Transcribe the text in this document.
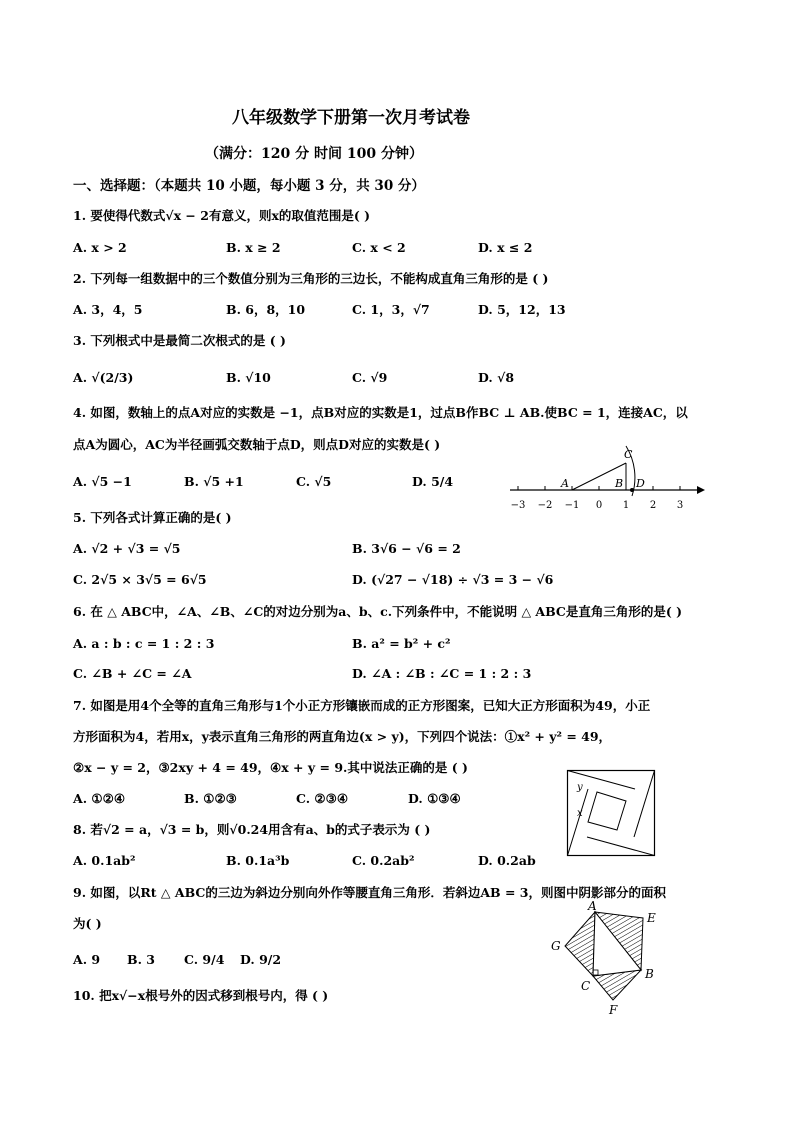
八年级数学下册第一次月考试卷
（满分：120 分 时间 100 分钟）
一、选择题：（本题共 10 小题，每小题 3 分，共 30 分）
1. 要使得代数式√x − 2有意义，则x的取值范围是( )
A. x > 2	B. x ≥ 2	C. x < 2	D. x ≤ 2
2. 下列每一组数据中的三个数值分别为三角形的三边长，不能构成直角三角形的是 ( )
A. 3，4，5	B. 6，8，10	C. 1，3，√7	D. 5，12，13
3. 下列根式中是最简二次根式的是 ( )
A. √(2/3)	B. √10	C. √9	D. √8
4. 如图，数轴上的点A对应的实数是 −1，点B对应的实数是1，过点B作BC ⊥ AB.使BC = 1，连接AC，以
点A为圆心，AC为半径画弧交数轴于点D，则点D对应的实数是( )
A. √5 −1	B. √5 +1	C. √5	D. 5/4	A	B
C
D
−3 −2 −1 0 1 2 3
5. 下列各式计算正确的是( )
A. √2 + √3 = √5	B. 3√6 − √6 = 2
C. 2√5 × 3√5 = 6√5	D. (√27 − √18) ÷ √3 = 3 − √6
6. 在 △ ABC中，∠A、∠B、∠C的对边分别为a、b、c.下列条件中，不能说明 △ ABC是直角三角形的是( )
A. a : b : c = 1 : 2 : 3	B. a² = b² + c²
C. ∠B + ∠C = ∠A	D. ∠A : ∠B : ∠C = 1 : 2 : 3
7. 如图是用4个全等的直角三角形与1个小正方形镶嵌而成的正方形图案，已知大正方形面积为49，小正
方形面积为4，若用x，y表示直角三角形的两直角边(x > y)，下列四个说法：①x² + y² = 49，
②x − y = 2，③2xy + 4 = 49，④x + y = 9.其中说法正确的是 ( )
A. ①②④	B. ①②③	C. ②③④	D. ①③④
y
x
8. 若√2 = a，√3 = b，则√0.24用含有a、b的式子表示为 ( )
A. 0.1ab²	B. 0.1a³b	C. 0.2ab²	D. 0.2ab
9. 如图，以Rt △ ABC的三边为斜边分别向外作等腰直角三角形．若斜边AB = 3，则图中阴影部分的面积
为( )
A. 9 B. 3 C. 9/4 D. 9/2
A
E
G
B
C
F
10. 把x√−x根号外的因式移到根号内，得 ( )
